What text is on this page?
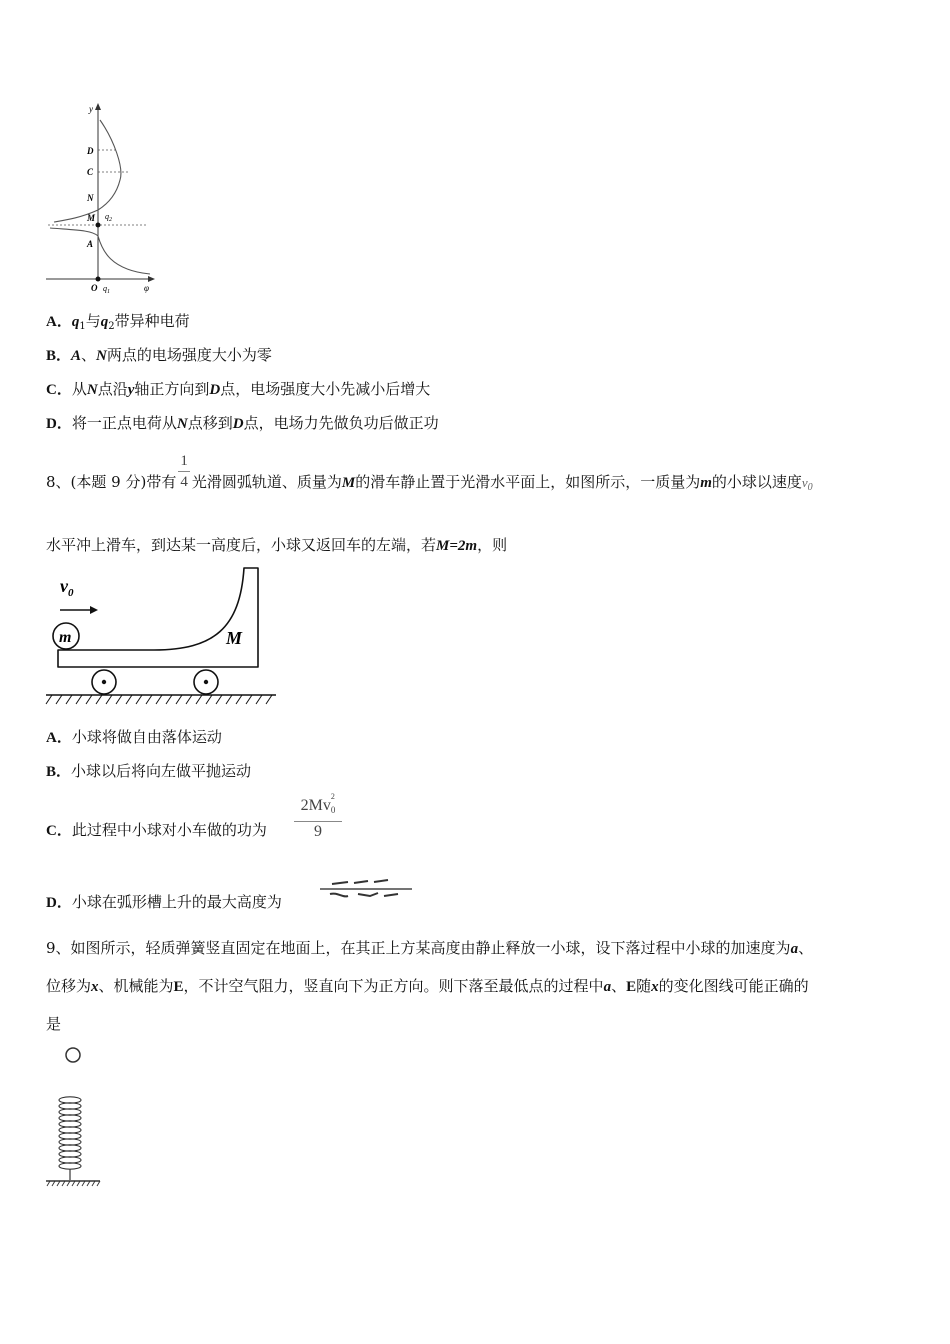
y
φ
O
D
C
N
M
A
$q_2$
$q_1$
A．$q_1$与$q_2$带异种电荷
B．A、N两点的电场强度大小为零
C．从N点沿y轴正方向到D点，电场强度大小先减小后增大
D．将一正点电荷从N点移到D点，电场力先做负功后做正功
8、(本题 9 分)带有 $\frac{1}{4}$ 光滑圆弧轨道、质量为M的滑车静止置于光滑水平面上，如图所示，一质量为m的小球以速度$v_0$
水平冲上滑车，到达某一高度后，小球又返回车的左端，若M=2m，则
$v_0$
m	M
A．小球将做自由落体运动
B．小球以后将向左做平抛运动
C．此过程中小球对小车做的功为
$2Mv_0$
2
9
D．小球在弧形槽上升的最大高度为
9、如图所示，轻质弹簧竖直固定在地面上，在其正上方某高度由静止释放一小球，设下落过程中小球的加速度为a、
位移为x、机械能为E，不计空气阻力，竖直向下为正方向。则下落至最低点的过程中a、E随x的变化图线可能正确的
是
